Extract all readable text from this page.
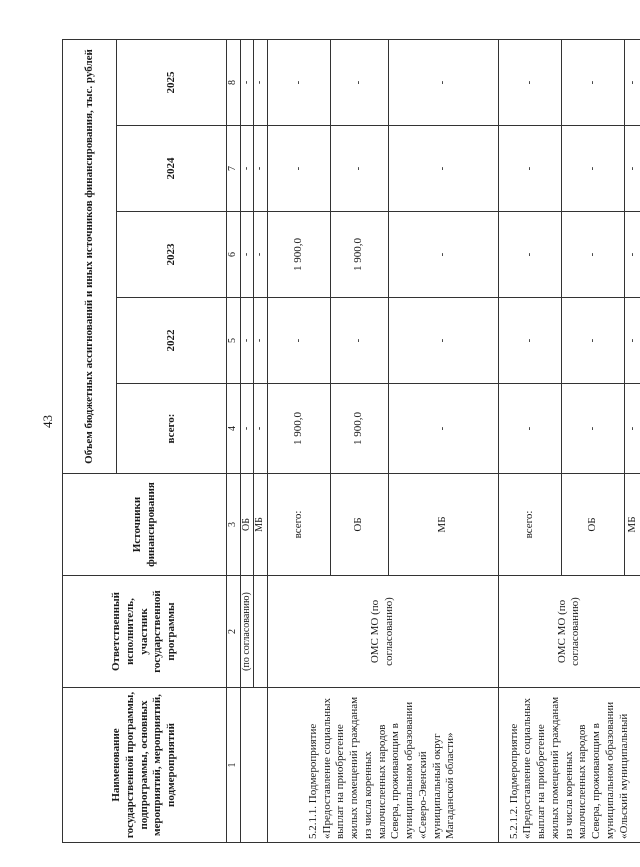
43
Наименование государственной программы, подпрограммы, основных мероприятий, мероприятий, подмероприятий	Ответственный исполнитель, участник государственной программы	Источники финансирования	Объем бюджетных ассигнований и иных источников финансирования, тыс. рублей				
			всего:	2022	2023	2024	2025
1	2	3	4	5	6	7	8
	(по согласованию)	ОБ	-	-	-	-	-
		МБ	-	-	-	-	-
5.2.1.1. Подмероприятие «Предоставление социальных выплат на приобретение жилых помещений гражданам из числа коренных малочисленных народов Севера, проживающим в муниципальном образовании «Северо-Эвенский муниципальный округ Магаданской области»	ОМС МО (по согласованию)	всего:	1 900,0	-	1 900,0	-	-
		ОБ	1 900,0	-	1 900,0	-	-
		МБ	-	-	-	-	-
5.2.1.2. Подмероприятие «Предоставление социальных выплат на приобретение жилых помещений гражданам из числа коренных малочисленных народов Севера, проживающим в муниципальном образовании «Ольский муниципальный	ОМС МО (по согласованию)	всего:	-	-	-	-	-
		ОБ	-	-	-	-	-
		МБ	-	-	-	-	-
